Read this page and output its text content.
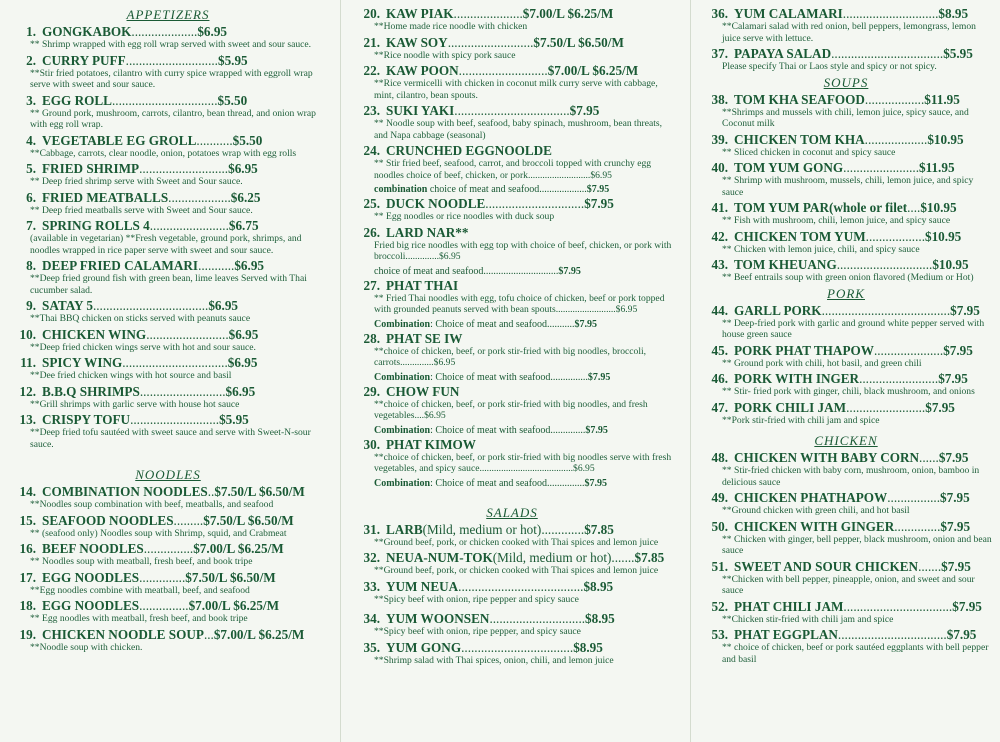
APPETIZERS
1. GONGKABOK....................$6.95
** Shrimp wrapped with egg roll wrap served with sweet and sour sauce.
2. CURRY PUFF............................$5.95
**Stir fried potatoes, cilantro with curry spice wrapped with eggroll wrap serve with sweet and sour sauce.
3. EGG ROLL................................$5.50
** Ground pork, mushroom, carrots, cilantro, bean thread, and onion wrap with egg roll wrap.
4. VEGETABLE EG GROLL...........$5.50
**Cabbage, carrots, clear noodle, onion, potatoes wrap with egg rolls
5. FRIED SHRIMP...........................$6.95
** Deep fried shrimp serve with Sweet and Sour sauce.
6. FRIED MEATBALLS...................$6.25
** Deep fried meatballs serve with Sweet and Sour sauce.
7. SPRING ROLLS 4........................$6.75
(available in vegetarian) **Fresh vegetable, ground pork, shrimps, and noodles wrapped in rice paper serve with sweet and sour sauce.
8. DEEP FRIED CALAMARI...........$6.95
**Deep fried ground fish with green bean, lime leaves Served with Thai cucumber salad.
9. SATAY 5...................................$6.95
**Thai BBQ chicken on sticks served with peanuts sauce
10. CHICKEN WING.........................$6.95
**Deep fried chicken wings serve with hot and sour sauce.
11. SPICY WING................................$6.95
**Dee fried chicken wings with hot source and basil
12. B.B.Q SHRIMPS..........................$6.95
**Grill shrimps with garlic serve with house hot sauce
13. CRISPY TOFU...........................$5.95
**Deep fried tofu sautéed with sweet sauce and serve with Sweet-N-sour sauce.
NOODLES
14. COMBINATION NOODLES..$7.50/L $6.50/M
**Noodles soup combination with beef, meatballs, and seafood
15. SEAFOOD NOODLES.........$7.50/L $6.50/M
** (seafood only) Noodles soup with Shrimp, squid, and Crabmeat
16. BEEF NOODLES...............$7.00/L $6.25/M
** Noodles soup with meatball, fresh beef, and book tripe
17. EGG NOODLES..............$7.50/L $6.50/M
**Egg noodles combine with meatball, beef, and seafood
18. EGG NOODLES...............$7.00/L $6.25/M
** Egg noodles with meatball, fresh beef, and book tripe
19. CHICKEN NOODLE SOUP...$7.00/L $6.25/M
**Noodle soup with chicken.
20. KAW PIAK.....................$7.00/L $6.25/M
**Home made rice noodle with chicken
21. KAW SOY..........................$7.50/L $6.50/M
**Rice noodle with spicy pork sauce
22. KAW POON...........................$7.00/L $6.25/M
**Rice vermicelli with chicken in coconut milk curry serve with cabbage, mint, cilantro, bean spouts.
23. SUKI YAKI...................................$7.95
** Noodle soup with beef, seafood, baby spinach, mushroom, bean threats, and Napa cabbage (seasonal)
24. CRUNCHED EGGNOOLDE
** Stir fried beef, seafood, carrot, and broccoli topped with crunchy egg noodles choice of beef, chicken, or pork..........................$6.95
combination choice of meat and seafood...................$7.95
25. DUCK NOODLE..............................$7.95
** Egg noodles or rice noodles with duck soup
26. LARD NAR**
Fried big rice noodles with egg top with choice of beef, chicken, or pork with broccoli..............$6.95
choice of meat and seafood..............................$7.95
27. PHAT THAI
** Fried Thai noodles with egg, tofu choice of chicken, beef or pork topped with grounded peanuts served with bean spouts.........................$6.95
Combination: Choice of meat and seafood...........$7.95
28. PHAT SE IW
**choice of chicken, beef, or pork stir-fried with big noodles, broccoli, carrots..............$6.95
Combination: Choice of meat with seafood...............$7.95
29. CHOW FUN
**choice of chicken, beef, or pork stir-fried with big noodles, and fresh vegetables....$6.95
Combination: Choice of meat with seafood..............$7.95
30. PHAT KIMOW
**choice of chicken, beef, or pork stir-fried with big noodles serve with fresh vegetables, and spicy sauce.......................................$6.95
Combination: Choice of meat and seafood...............$7.95
SALADS
31. LARB(Mild, medium or hot).............$7.85
**Ground beef, pork, or chicken cooked with Thai spices and lemon juice
32. NEUA-NUM-TOK(Mild, medium or hot).......$7.85
**Ground beef, pork, or chicken cooked with Thai spices and lemon juice
33. YUM NEUA......................................$8.95
**Spicy beef with onion, ripe pepper and spicy sauce
34. YUM WOONSEN.............................$8.95
**Spicy beef with onion, ripe pepper, and spicy sauce
35. YUM GONG..................................$8.95
**Shrimp salad with Thai spices, onion, chili, and lemon juice
36. YUM CALAMARI.............................$8.95
**Calamari salad with red onion, bell peppers, lemongrass, lemon juice serve with lettuce.
37. PAPAYA SALAD..................................$5.95
Please specify Thai or Laos style and spicy or not spicy.
SOUPS
38. TOM KHA SEAFOOD..................$11.95
**Shrimps and mussels with chili, lemon juice, spicy sauce, and Coconut milk
39. CHICKEN TOM KHA...................$10.95
** Sliced chicken in coconut and spicy sauce
40. TOM YUM GONG.......................$11.95
** Shrimp with mushroom, mussels, chili, lemon juice, and spicy sauce
41. TOM YUM PAR(whole or filet....$10.95
** Fish with mushroom, chili, lemon juice, and spicy sauce
42. CHICKEN TOM YUM..................$10.95
** Chicken with lemon juice, chili, and spicy sauce
43. TOM KHEUANG.............................$10.95
** Beef entrails soup with green onion flavored (Medium or Hot)
PORK
44. GARLL PORK.......................................$7.95
** Deep-fried pork with garlic and ground white pepper served with house green sauce
45. PORK PHAT THAPOW.....................$7.95
** Ground pork with chili, hot basil, and green chili
46. PORK WITH INGER........................$7.95
** Stir- fried pork with ginger, chili, black mushroom, and onions
47. PORK CHILI JAM........................$7.95
**Pork stir-fried with chili jam and spice
CHICKEN
48. CHICKEN WITH BABY CORN......$7.95
** Stir-fried chicken with baby corn, mushroom, onion, bamboo in delicious sauce
49. CHICKEN PHATHAPOW................$7.95
**Ground chicken with green chili, and hot basil
50. CHICKEN WITH GINGER..............$7.95
** Chicken with ginger, bell pepper, black mushroom, onion and bean sauce
51. SWEET AND SOUR CHICKEN.......$7.95
**Chicken with bell pepper, pineapple, onion, and sweet and sour sauce
52. PHAT CHILI JAM.................................$7.95
**Chicken stir-fried with chili jam and spice
53. PHAT EGGPLAN.................................$7.95
** choice of chicken, beef or pork sautéed eggplants with bell pepper and basil
